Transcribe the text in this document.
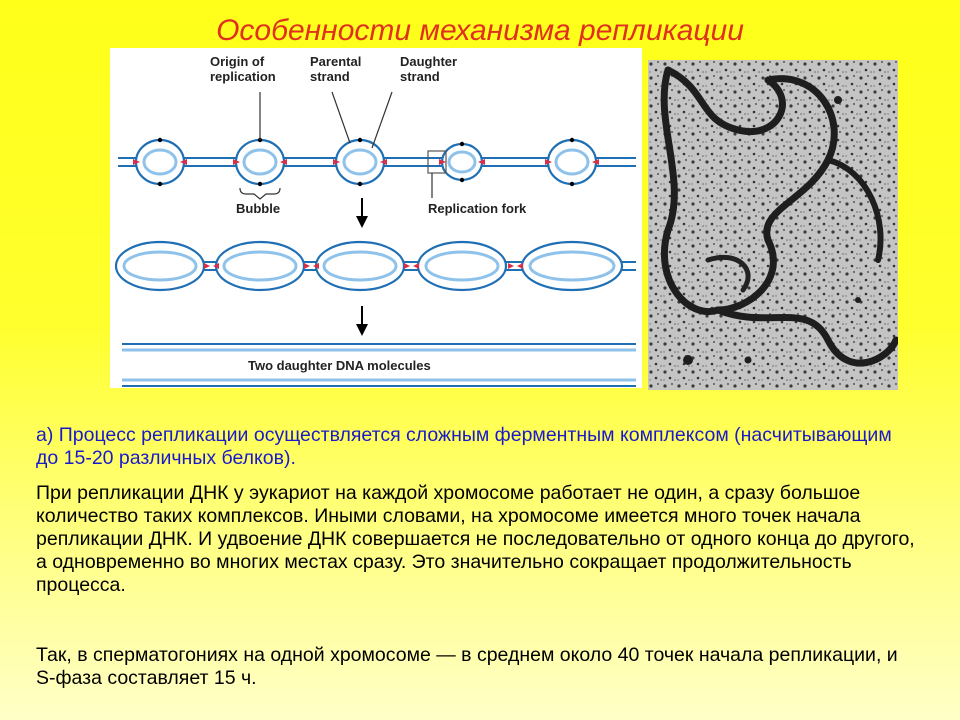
Особенности механизма репликации
Origin of
replication
Parental
strand
Daughter
strand
Bubble	Replication fork
Two daughter DNA molecules

а) Процесс репликации осуществляется сложным ферментным комплексом (насчитывающим до 15-20 различных белков).

При репликации ДНК у эукариот на каждой хромосоме работает не один, а сразу большое количество таких комплексов. Иными словами, на хромосоме имеется много точек начала репликации ДНК. И удвоение ДНК совершается не последовательно от одного конца до другого, а одновременно во многих местах сразу. Это значительно сокращает продолжительность процесса.

Так, в сперматогониях на одной хромосоме — в среднем около 40 точек начала репликации, и S-фаза составляет 15 ч.
